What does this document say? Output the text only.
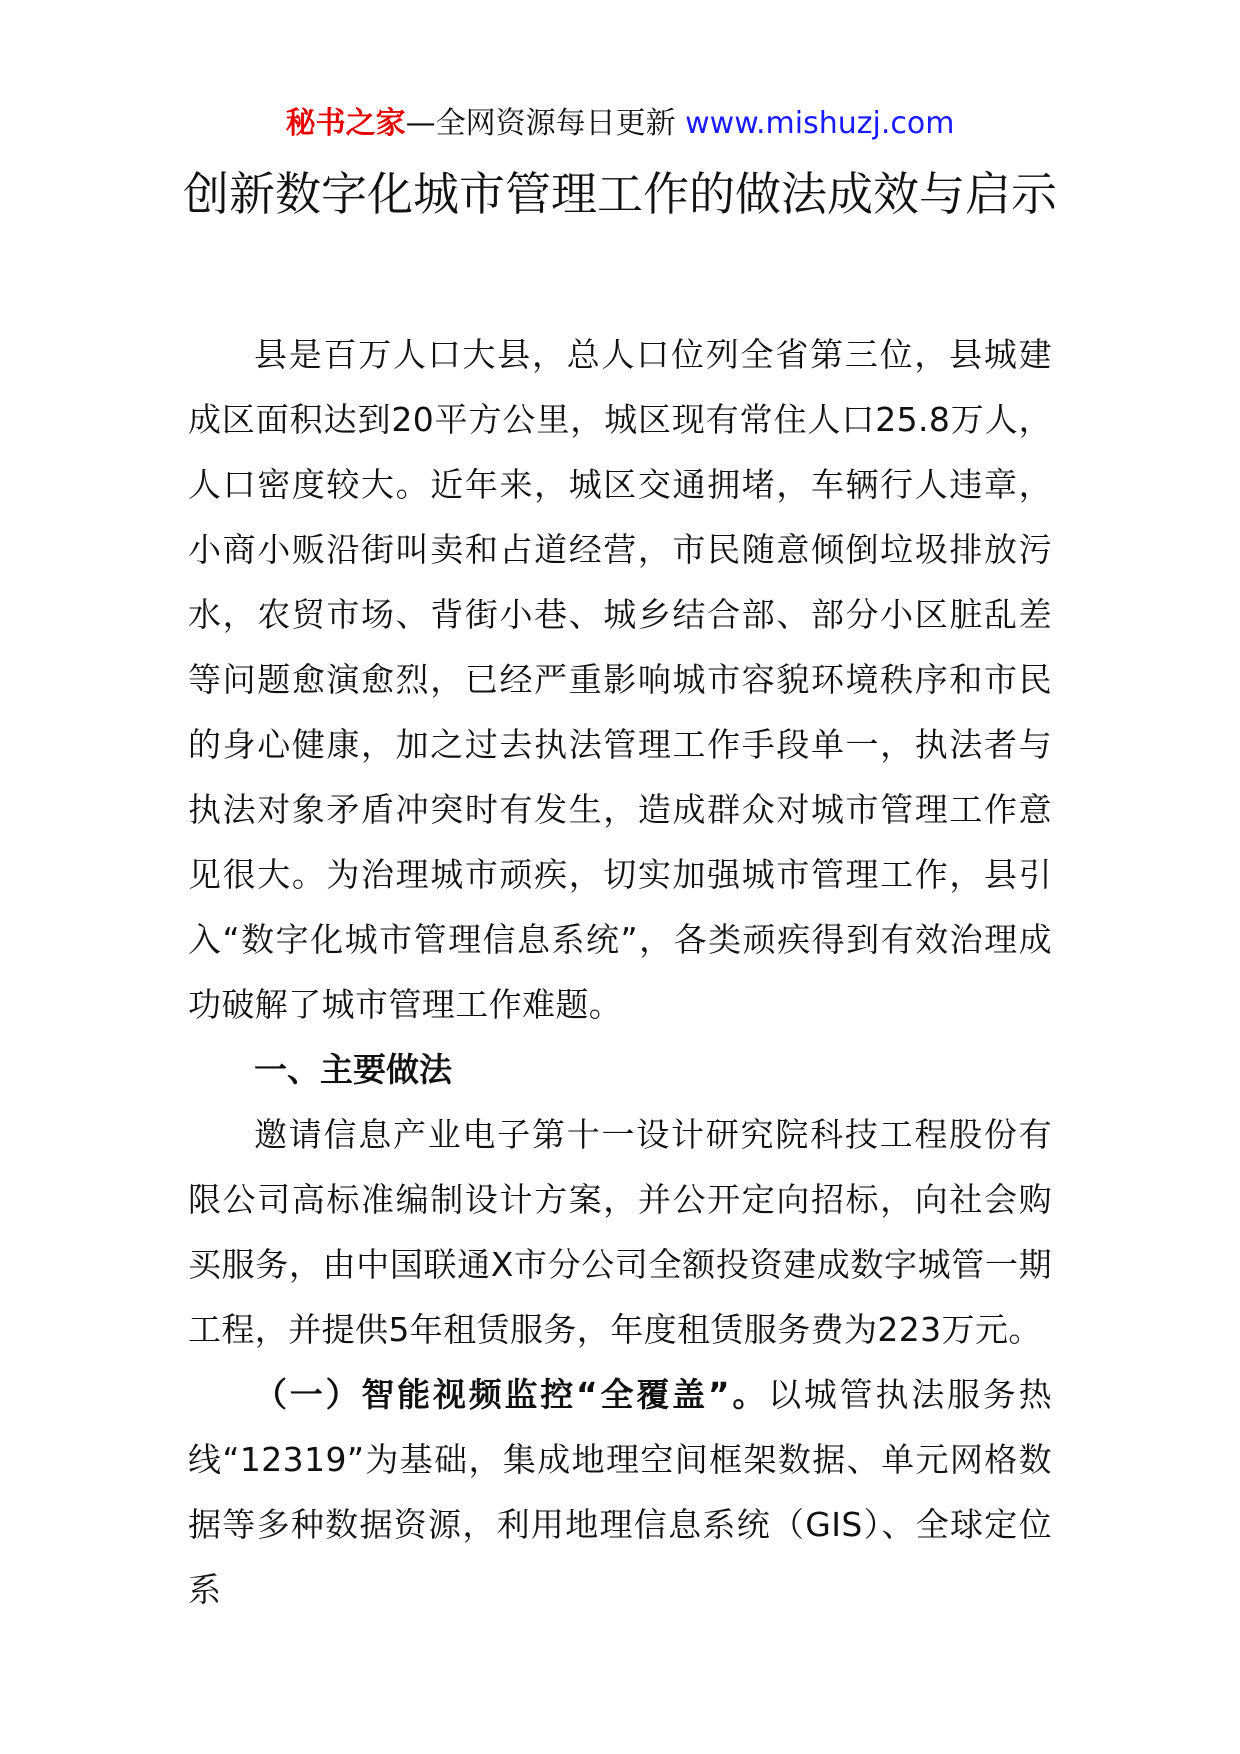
秘书之家—全网资源每日更新 www.mishuzj.com
创新数字化城市管理工作的做法成效与启示

县是百万人口大县，总人口位列全省第三位，县城建成区面积达到20平方公里，城区现有常住人口25.8万人，人口密度较大。近年来，城区交通拥堵，车辆行人违章，小商小贩沿街叫卖和占道经营，市民随意倾倒垃圾排放污水，农贸市场、背街小巷、城乡结合部、部分小区脏乱差等问题愈演愈烈，已经严重影响城市容貌环境秩序和市民的身心健康，加之过去执法管理工作手段单一，执法者与执法对象矛盾冲突时有发生，造成群众对城市管理工作意见很大。为治理城市顽疾，切实加强城市管理工作，县引入“数字化城市管理信息系统”，各类顽疾得到有效治理成功破解了城市管理工作难题。

一、主要做法

邀请信息产业电子第十一设计研究院科技工程股份有限公司高标准编制设计方案，并公开定向招标，向社会购买服务，由中国联通X市分公司全额投资建成数字城管一期工程，并提供5年租赁服务，年度租赁服务费为223万元。

（一）智能视频监控“全覆盖”。以城管执法服务热线“12319”为基础，集成地理空间框架数据、单元网格数据等多种数据资源，利用地理信息系统（GIS）、全球定位系
